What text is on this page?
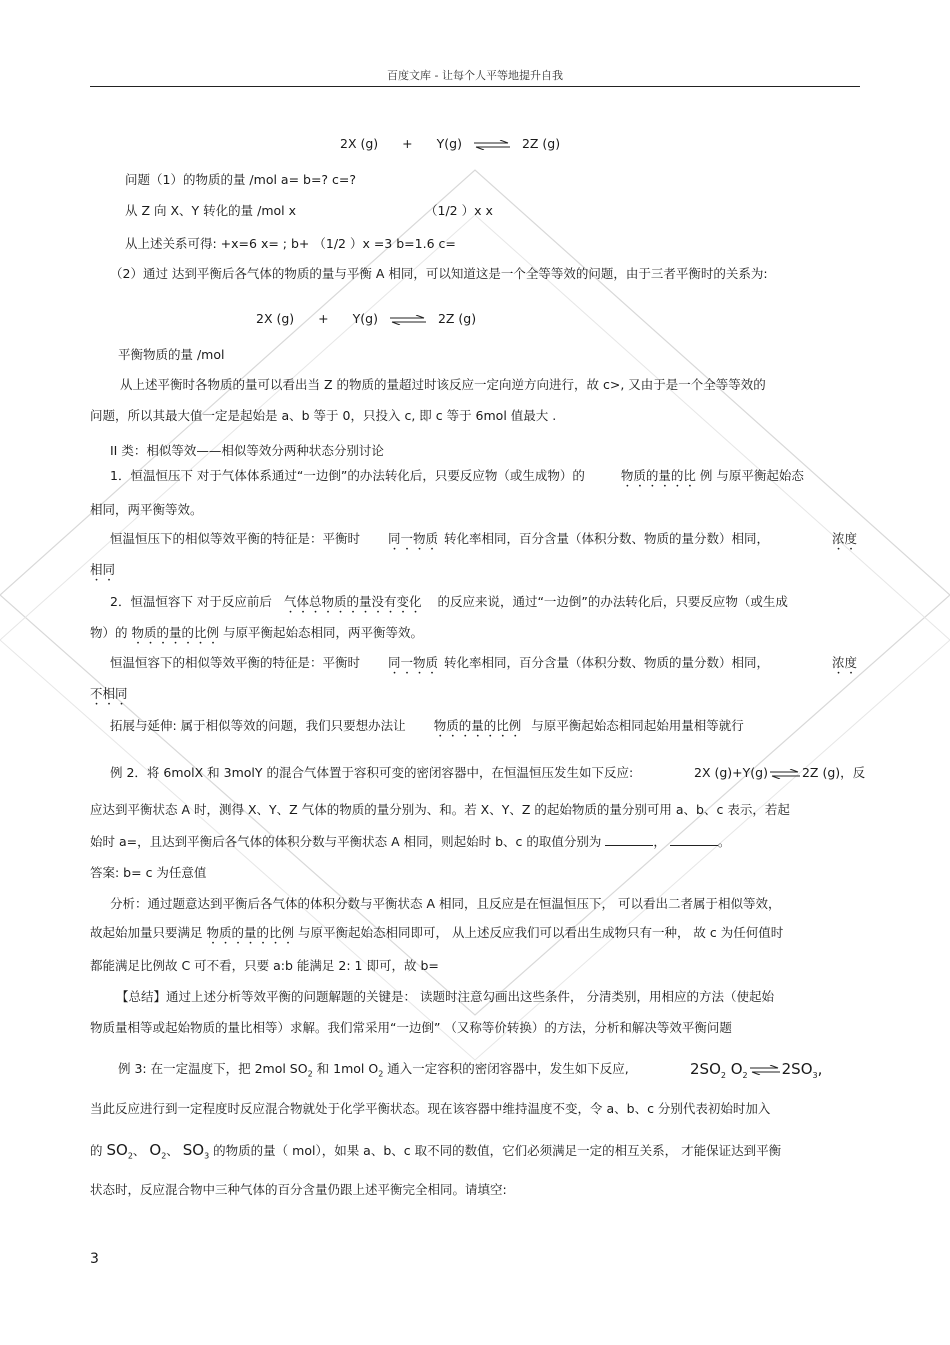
百度文库 - 让每个人平等地提升自我
2X (g) + Y(g) ⇌ 2Z (g)
问题（1）的物质的量 /mol a= b=? c=?
从 Z 向 X、Y 转化的量 /mol x	（1/2 ）x x
从上述关系可得: +x=6 x= ; b+ （1/2 ）x =3 b=1.6 c=
（2）通过 达到平衡后各气体的物质的量与平衡 A 相同，可以知道这是一个全等等效的问题，由于三者平衡时的关系为:
2X (g) + Y(g) ⇌ 2Z (g)
平衡物质的量 /mol
从上述平衡时各物质的量可以看出当 Z 的物质的量超过时该反应一定向逆方向进行，故 c>, 又由于是一个全等等效的
问题，所以其最大值一定是起始是 a、b 等于 0，只投入 c, 即 c 等于 6mol 值最大 .
II 类：相似等效——相似等效分两种状态分别讨论
1．恒温恒压下 对于气体体系通过“一边倒”的办法转化后，只要反应物（或生成物）的	物质的量的比 例 与原平衡起始态
相同，两平衡等效。
恒温恒压下的相似等效平衡的特征是：平衡时 同一物质 转化率相同，百分含量（体积分数、物质的量分数）相同，	浓度
相同
2．恒温恒容下 对于反应前后 气体总物质的量没有变化 的反应来说，通过“一边倒”的办法转化后，只要反应物（或生成
物）的 物质的量的比例 与原平衡起始态相同，两平衡等效。
恒温恒容下的相似等效平衡的特征是：平衡时 同一物质 转化率相同，百分含量（体积分数、物质的量分数）相同，	浓度
不相同
拓展与延伸: 属于相似等效的问题，我们只要想办法让 物质的量的比例 与原平衡起始态相同起始用量相等就行
例 2．将 6molX 和 3molY 的混合气体置于容积可变的密闭容器中，在恒温恒压发生如下反应:	2X (g)+Y(g)⇌2Z (g)，反
应达到平衡状态 A 时，测得 X、Y、Z 气体的物质的量分别为、和。若 X、Y、Z 的起始物质的量分别可用 a、b、c 表示，若起
始时 a=，且达到平衡后各气体的体积分数与平衡状态 A 相同，则起始时 b、c 的取值分别为	，	。
答案: b= c 为任意值
分析：通过题意达到平衡后各气体的体积分数与平衡状态 A 相同，且反应是在恒温恒压下， 可以看出二者属于相似等效，
故起始加量只要满足 物质的量的比例 与原平衡起始态相同即可， 从上述反应我们可以看出生成物只有一种， 故 c 为任何值时
都能满足比例故 C 可不看，只要 a:b 能满足 2: 1 即可，故 b=
【总结】通过上述分析等效平衡的问题解题的关键是： 读题时注意勾画出这些条件， 分清类别，用相应的方法（使起始
物质量相等或起始物质的量比相等）求解。我们常采用“一边倒” （又称等价转换）的方法，分析和解决等效平衡问题
例 3: 在一定温度下，把 2mol $SO_2$ 和 1mol $O_2$ 通入一定容积的密闭容器中，发生如下反应,	$2SO_2$ $O_2$ $\rightleftharpoons 2SO_3$,
当此反应进行到一定程度时反应混合物就处于化学平衡状态。现在该容器中维持温度不变，令 a、b、c 分别代表初始时加入
的 $SO_2$、 $O_2$、 $SO_3$ 的物质的量（ mol），如果 a、b、c 取不同的数值，它们必须满足一定的相互关系， 才能保证达到平衡
状态时，反应混合物中三种气体的百分含量仍跟上述平衡完全相同。请填空:
3
